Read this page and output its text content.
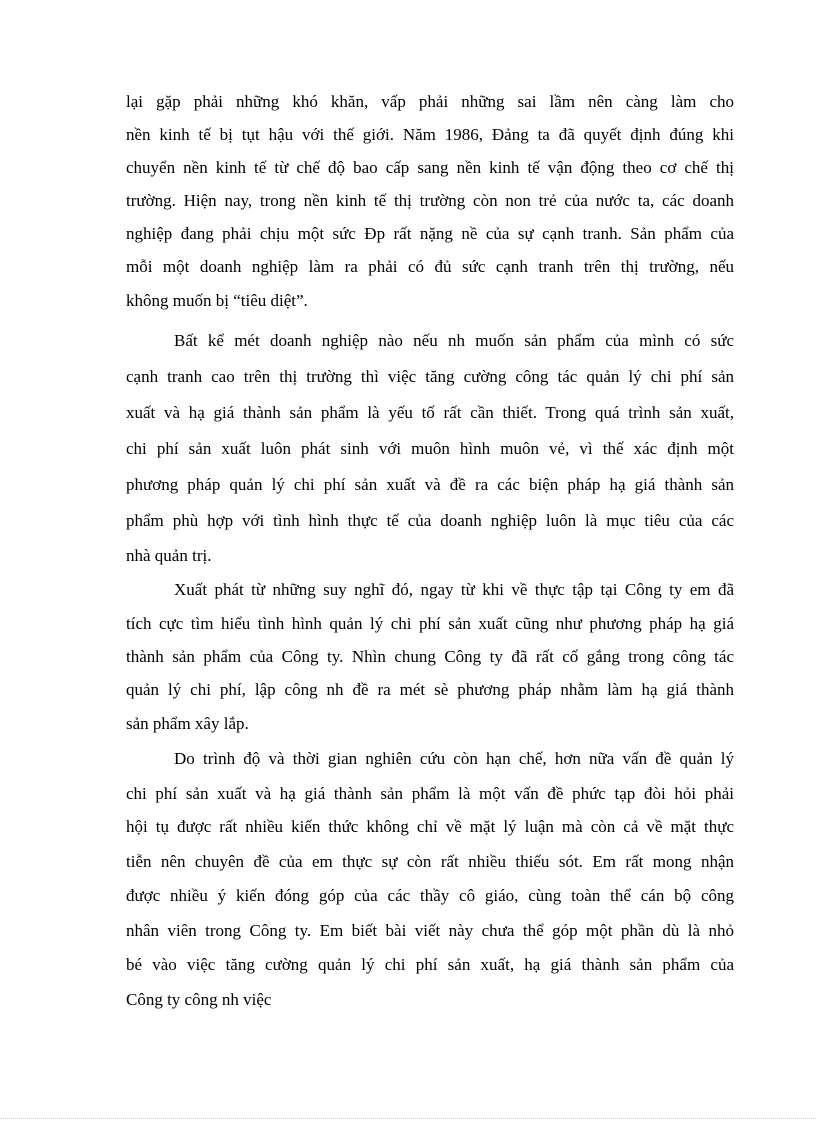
lại gặp phải những khó khăn, vấp phải những sai lầm nên càng làm cho
nền kinh tế bị tụt hậu với thế giới. Năm 1986, Đảng ta đã quyết định đúng khi
chuyển nền kinh tế từ chế độ bao cấp sang nền kinh tế vận động theo cơ chế thị
trường. Hiện nay, trong nền kinh tế thị trường còn non trẻ của nước ta, các doanh
nghiệp đang phải chịu một sức Đp rất nặng nề của sự cạnh tranh. Sản phẩm của
mỗi một doanh nghiệp làm ra phải có đủ sức cạnh tranh trên thị trường, nếu
không muốn bị “tiêu diệt”.
Bất kể mét doanh nghiệp nào nếu nh muốn sản phẩm của mình có sức
cạnh tranh cao trên thị trường thì việc tăng cường công tác quản lý chi phí sản
xuất và hạ giá thành sản phẩm là yếu tố rất cần thiết. Trong quá trình sản xuất,
chi phí sản xuất luôn phát sinh với muôn hình muôn vẻ, vì thế xác định một
phương pháp quản lý chi phí sản xuất và đề ra các biện pháp hạ giá thành sản
phẩm phù hợp với tình hình thực tế của doanh nghiệp luôn là mục tiêu của các
nhà quản trị.
Xuất phát từ những suy nghĩ đó, ngay từ khi về thực tập tại Công ty em đã
tích cực tìm hiểu tình hình quản lý chi phí sản xuất cũng như phương pháp hạ giá
thành sản phẩm của Công ty. Nhìn chung Công ty đã rất cố gắng trong công tác
quản lý chi phí, lập công nh đề ra mét sè phương pháp nhằm làm hạ giá thành
sản phẩm xây lắp.
Do trình độ và thời gian nghiên cứu còn hạn chế, hơn nữa vấn đề quản lý
chi phí sản xuất và hạ giá thành sản phẩm là một vấn đề phức tạp đòi hỏi phải
hội tụ được rất nhiều kiến thức không chỉ về mặt lý luận mà còn cả về mặt thực
tiễn nên chuyên đề của em thực sự còn rất nhiều thiếu sót. Em rất mong nhận
được nhiều ý kiến đóng góp của các thầy cô giáo, cùng toàn thể cán bộ công
nhân viên trong Công ty. Em biết bài viết này chưa thể góp một phần dù là nhỏ
bé vào việc tăng cường quản lý chi phí sản xuất, hạ giá thành sản phẩm của
Công ty công nh việc
